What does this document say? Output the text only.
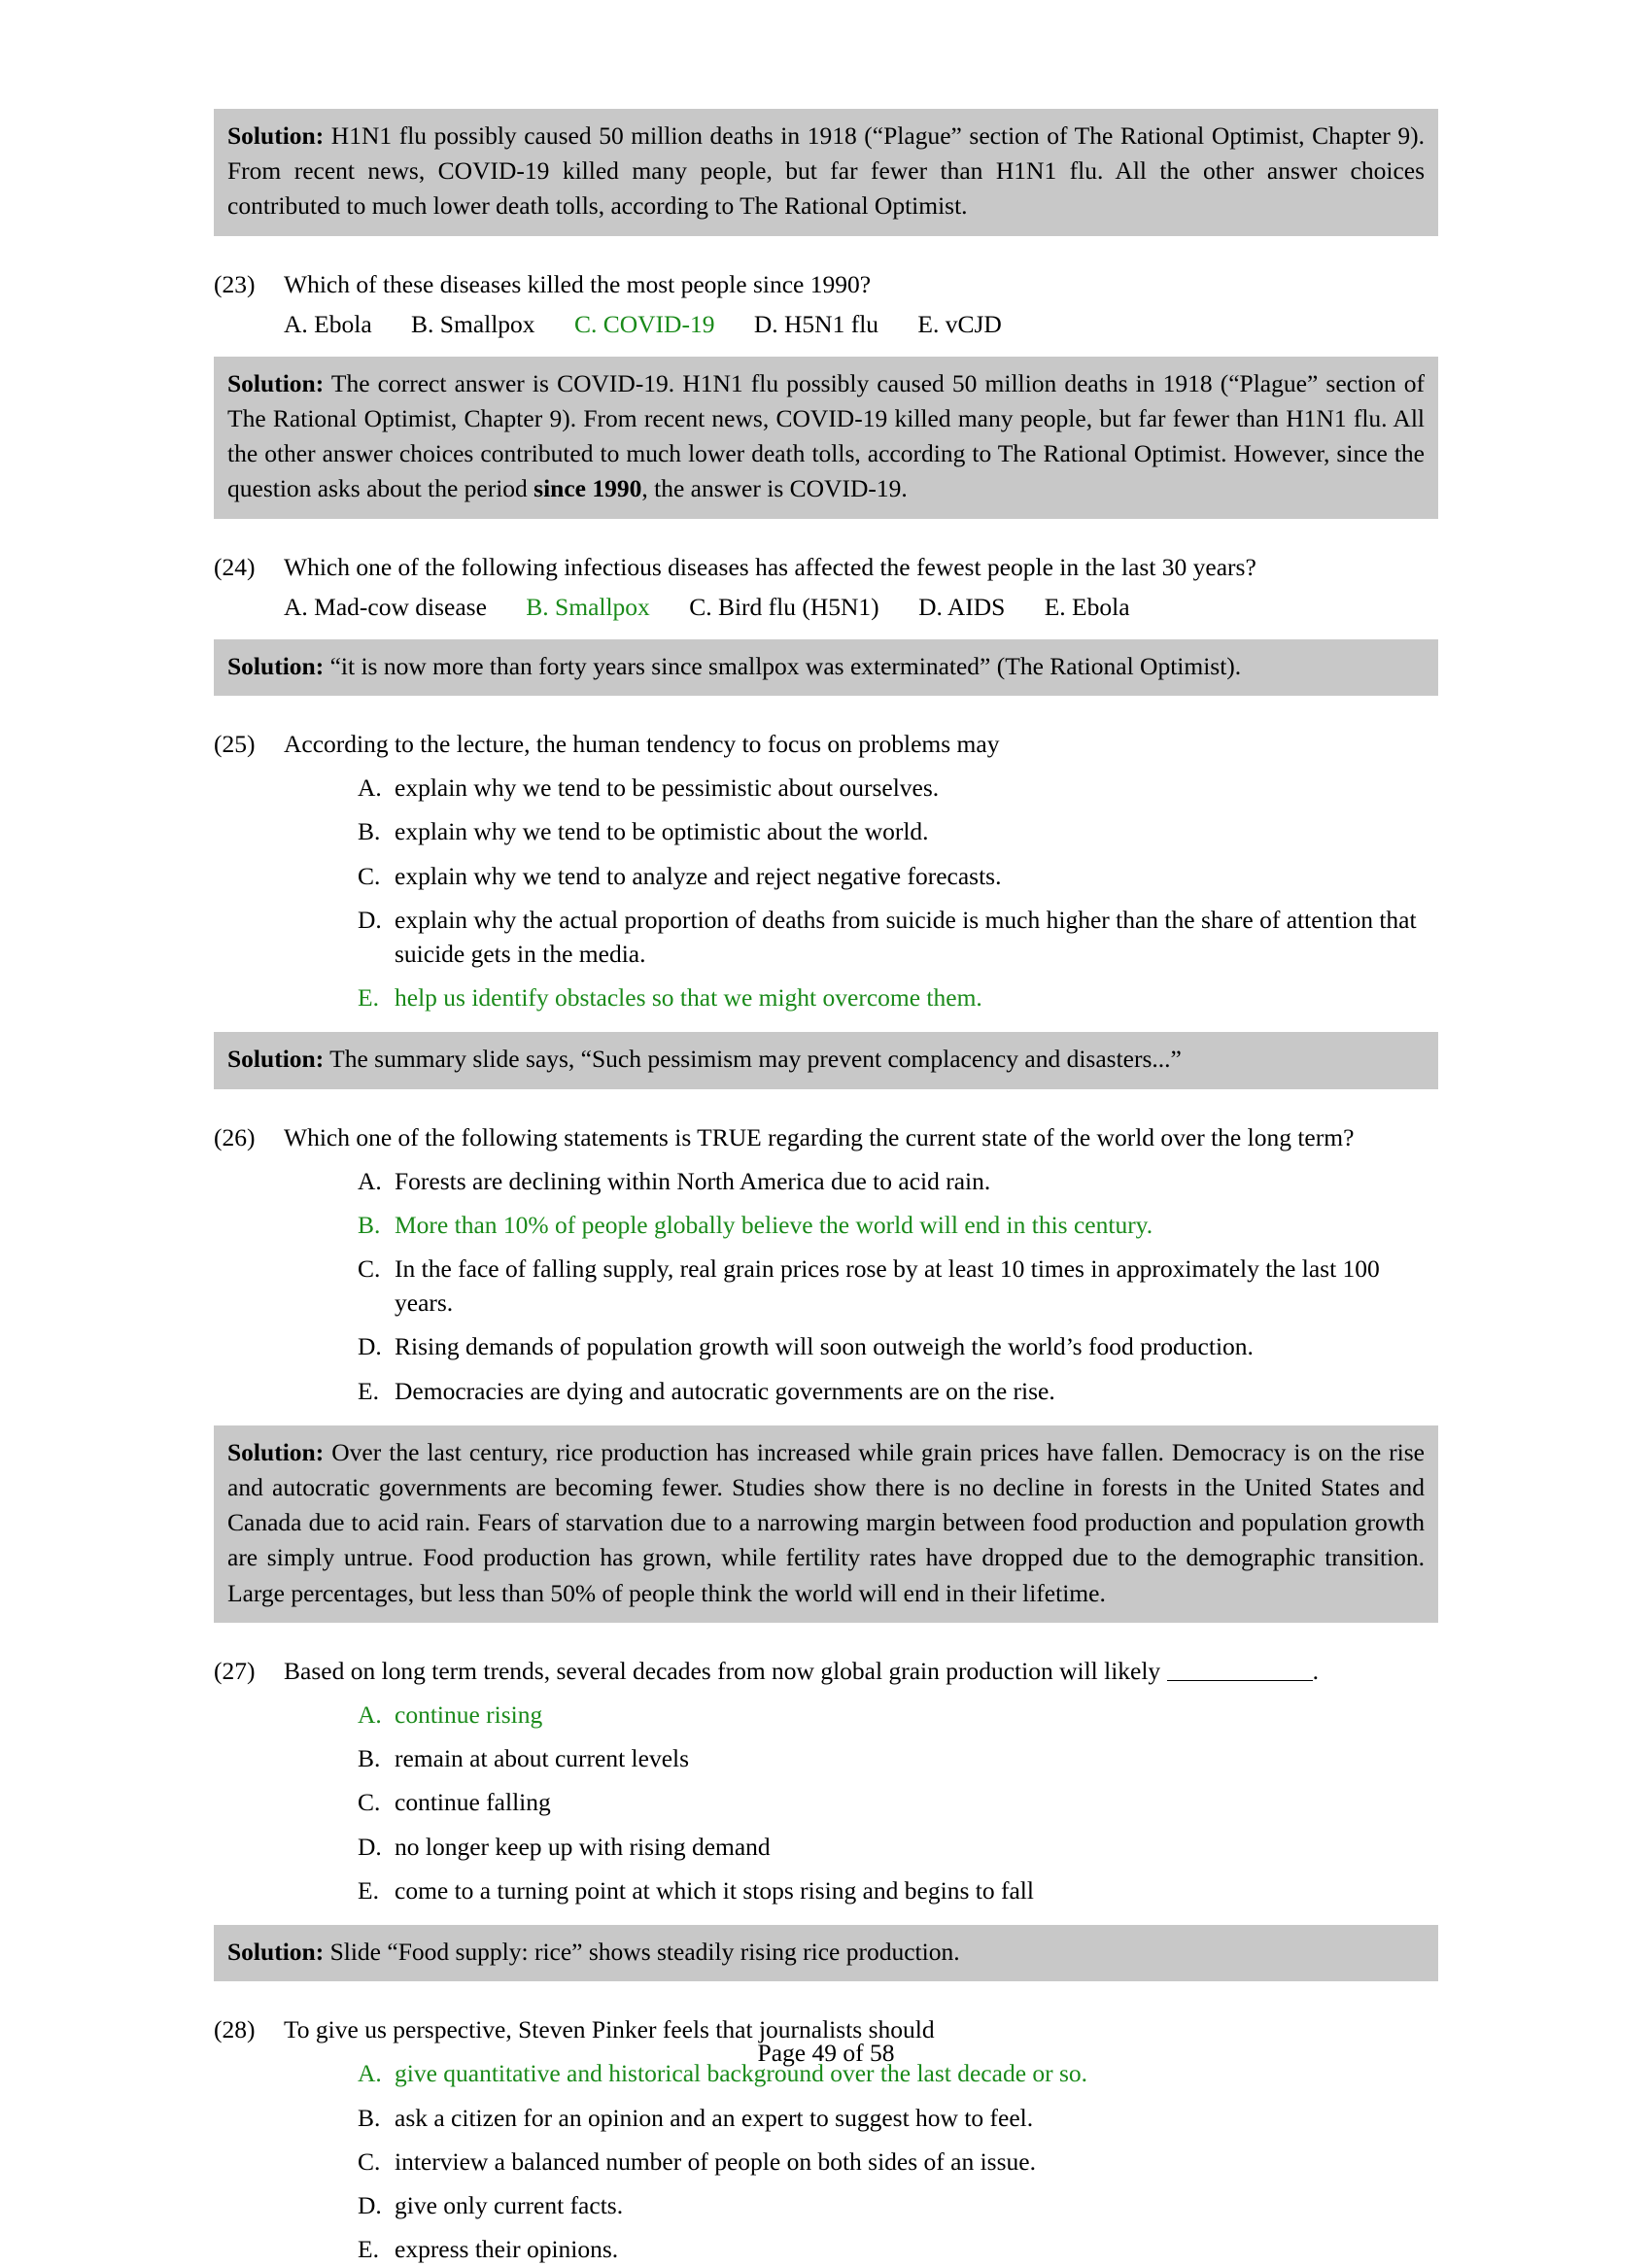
Solution: H1N1 flu possibly caused 50 million deaths in 1918 (“Plague” section of The Rational Optimist, Chapter 9). From recent news, COVID-19 killed many people, but far fewer than H1N1 flu. All the other answer choices contributed to much lower death tolls, according to The Rational Optimist.
(23)	Which of these diseases killed the most people since 1990?
A. Ebola B. Smallpox C. COVID-19 D. H5N1 flu E. vCJD
Solution: The correct answer is COVID-19. H1N1 flu possibly caused 50 million deaths in 1918 (“Plague” section of The Rational Optimist, Chapter 9). From recent news, COVID-19 killed many people, but far fewer than H1N1 flu. All the other answer choices contributed to much lower death tolls, according to The Rational Optimist. However, since the question asks about the period since 1990, the answer is COVID-19.
(24)	Which one of the following infectious diseases has affected the fewest people in the last 30 years?
A. Mad-cow disease B. Smallpox C. Bird flu (H5N1) D. AIDS E. Ebola
Solution: “it is now more than forty years since smallpox was exterminated” (The Rational Optimist).
(25)	According to the lecture, the human tendency to focus on problems may
A. explain why we tend to be pessimistic about ourselves.
B. explain why we tend to be optimistic about the world.
C. explain why we tend to analyze and reject negative forecasts.
D. explain why the actual proportion of deaths from suicide is much higher than the share of attention that suicide gets in the media.
E. help us identify obstacles so that we might overcome them.
Solution: The summary slide says, “Such pessimism may prevent complacency and disasters...”
(26)	Which one of the following statements is TRUE regarding the current state of the world over the long term?
A. Forests are declining within North America due to acid rain.
B. More than 10% of people globally believe the world will end in this century.
C. In the face of falling supply, real grain prices rose by at least 10 times in approximately the last 100 years.
D. Rising demands of population growth will soon outweigh the world’s food production.
E. Democracies are dying and autocratic governments are on the rise.
Solution: Over the last century, rice production has increased while grain prices have fallen. Democracy is on the rise and autocratic governments are becoming fewer. Studies show there is no decline in forests in the United States and Canada due to acid rain. Fears of starvation due to a narrowing margin between food production and population growth are simply untrue. Food production has grown, while fertility rates have dropped due to the demographic transition. Large percentages, but less than 50% of people think the world will end in their lifetime.
(27)	Based on long term trends, several decades from now global grain production will likely	.
A. continue rising
B. remain at about current levels
C. continue falling
D. no longer keep up with rising demand
E. come to a turning point at which it stops rising and begins to fall
Solution: Slide “Food supply: rice” shows steadily rising rice production.
(28)	To give us perspective, Steven Pinker feels that journalists should
A. give quantitative and historical background over the last decade or so.
B. ask a citizen for an opinion and an expert to suggest how to feel.
C. interview a balanced number of people on both sides of an issue.
D. give only current facts.
E. express their opinions.
Page 49 of 58
